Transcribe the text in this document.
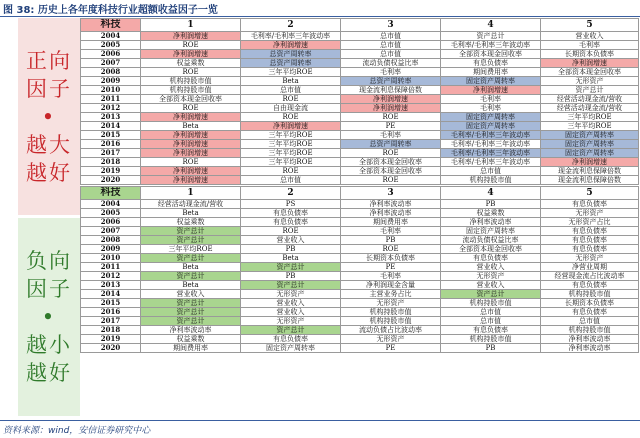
图 38: 历史上各年度科技行业超额收益因子一览
正向
因子
•
越大
越好
负向
因子
•
越小
越好
科技	1	2	3	4	5
2004	净利润增速	毛利率/毛利率三年波动率	总市值	资产总计	营业收入
2005	ROE	净利润增速	总市值	毛利率/毛利率三年波动率	毛利率
2006	净利润增速	总资产周转率	总市值	全部资本现金回收率	长期资本负债率
2007	权益乘数	总资产周转率	流动负债权益比率	有息负债率	净利润增速
2008	ROE	三年平均ROE	毛利率	期间费用率	全部资本现金回收率
2009	机构持股市值	Beta	总资产周转率	固定资产周转率	无形资产
2010	机构持股市值	总市值	现金流利息保障倍数	净利润增速	资产总计
2011	全部资本现金回收率	ROE	净利润增速	毛利率	经营活动现金流/营收
2012	ROE	自由现金流	净利润增速	毛利率	经营活动现金流/营收
2013	净利润增速	ROE	ROE	固定资产周转率	三年平均ROE
2014	Beta	净利润增速	PE	固定资产周转率	三年平均ROE
2015	净利润增速	三年平均ROE	毛利率	毛利率/毛利率三年波动率	固定资产周转率
2016	净利润增速	三年平均ROE	总资产周转率	毛利率/毛利率三年波动率	固定资产周转率
2017	净利润增速	三年平均ROE	ROE	毛利率/毛利率三年波动率	固定资产周转率
2018	ROE	三年平均ROE	全部资本现金回收率	毛利率/毛利率三年波动率	净利润增速
2019	净利润增速	ROE	全部资本现金回收率	总市值	现金流利息保障倍数
2020	净利润增速	总市值	ROE	机构持股市值	现金流利息保障倍数

科技	1	2	3	4	5
2004	经营活动现金流/营收	PS	净利率波动率	PB	有息负债率
2005	Beta	有息负债率	净利率波动率	权益乘数	无形资产
2006	权益乘数	有息负债率	期间费用率	净利率波动率	无形资产占比
2007	资产总计	ROE	毛利率	固定资产周转率	有息负债率
2008	资产总计	营业收入	PB	流动负债权益比率	有息负债率
2009	三年平均ROE	PB	ROE	全部资本现金回收率	有息负债率
2010	资产总计	Beta	长期资本负债率	有息负债率	无形资产
2011	Beta	资产总计	PE	营业收入	净营业周期
2012	资产总计	PB	毛利率	无形资产	经营现金流占比波动率
2013	Beta	资产总计	净利润现金含量	营业收入	有息负债率
2014	营业收入	无形资产	主营业务占比	资产总计	机构持股市值
2015	资产总计	营业收入	无形资产	机构持股市值	长期资本负债率
2016	资产总计	营业收入	机构持股市值	总市值	有息负债率
2017	资产总计	无形资产	机构持股市值	总市值	总市值
2018	净利率波动率	资产总计	流动负债占比波动率	有息负债率	机构持股市值
2019	权益乘数	有息负债率	无形资产	机构持股市值	净利率波动率
2020	期间费用率	固定资产周转率	PE	PB	净利率波动率
资料来源：wind，安信证券研究中心
